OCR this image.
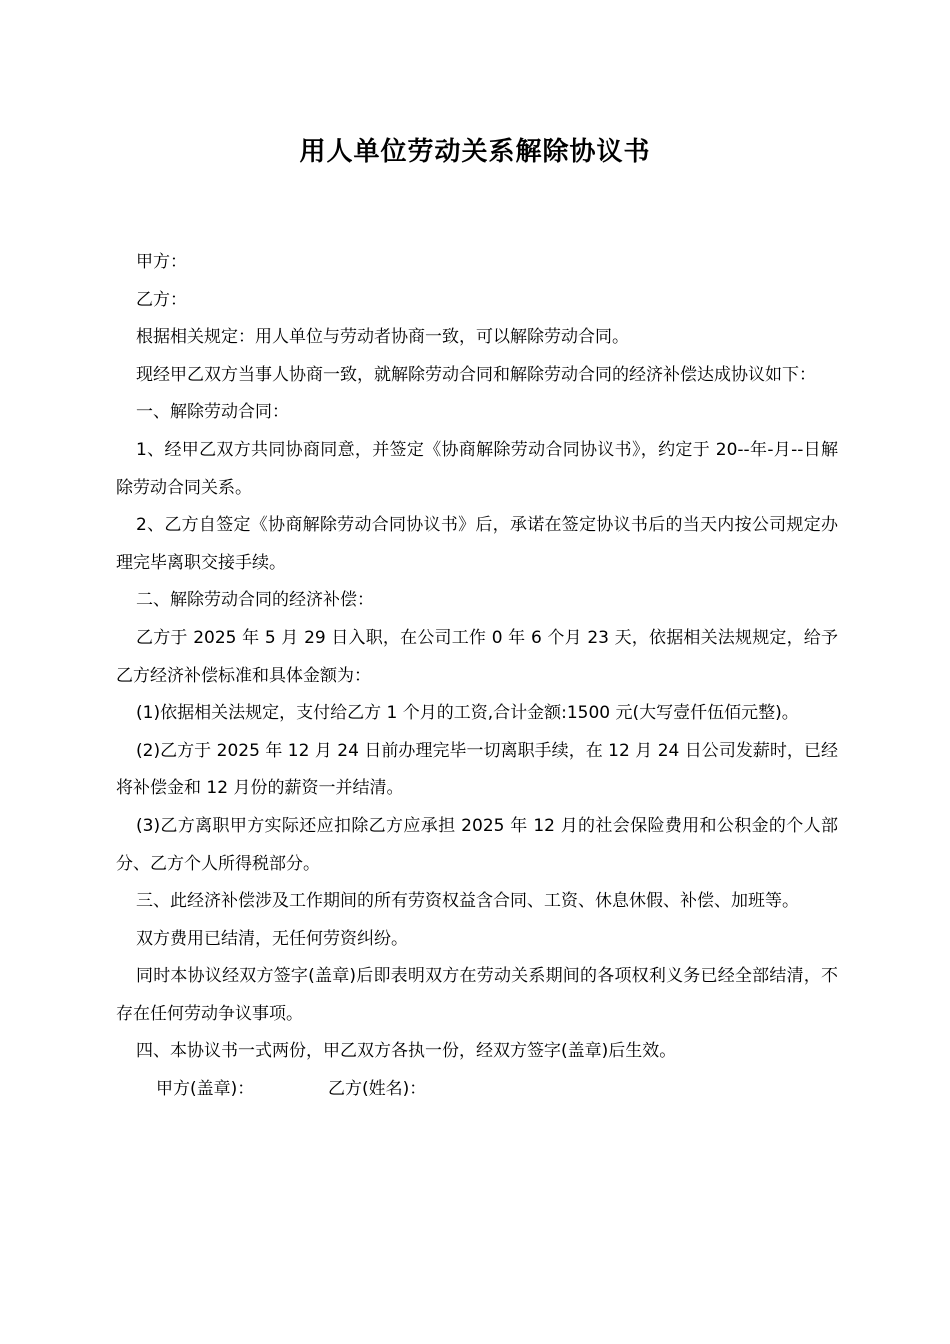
用人单位劳动关系解除协议书

甲方：

乙方：

根据相关规定：用人单位与劳动者协商一致，可以解除劳动合同。

现经甲乙双方当事人协商一致，就解除劳动合同和解除劳动合同的经济补偿达成协议如下：

一、解除劳动合同：

1、经甲乙双方共同协商同意，并签定《协商解除劳动合同协议书》，约定于 20--年-月--日解除劳动合同关系。

2、乙方自签定《协商解除劳动合同协议书》后，承诺在签定协议书后的当天内按公司规定办理完毕离职交接手续。

二、解除劳动合同的经济补偿：

乙方于 2025 年 5 月 29 日入职，在公司工作 0 年 6 个月 23 天，依据相关法规规定，给予乙方经济补偿标准和具体金额为：

(1)依据相关法规定，支付给乙方 1 个月的工资,合计金额:1500 元(大写壹仟伍佰元整)。

(2)乙方于 2025 年 12 月 24 日前办理完毕一切离职手续，在 12 月 24 日公司发薪时，已经将补偿金和 12 月份的薪资一并结清。

(3)乙方离职甲方实际还应扣除乙方应承担 2025 年 12 月的社会保险费用和公积金的个人部分、乙方个人所得税部分。

三、此经济补偿涉及工作期间的所有劳资权益含合同、工资、休息休假、补偿、加班等。

双方费用已结清，无任何劳资纠纷。

同时本协议经双方签字(盖章)后即表明双方在劳动关系期间的各项权利义务已经全部结清，不存在任何劳动争议事项。

四、本协议书一式两份，甲乙双方各执一份，经双方签字(盖章)后生效。

甲方(盖章)：	乙方(姓名)：
